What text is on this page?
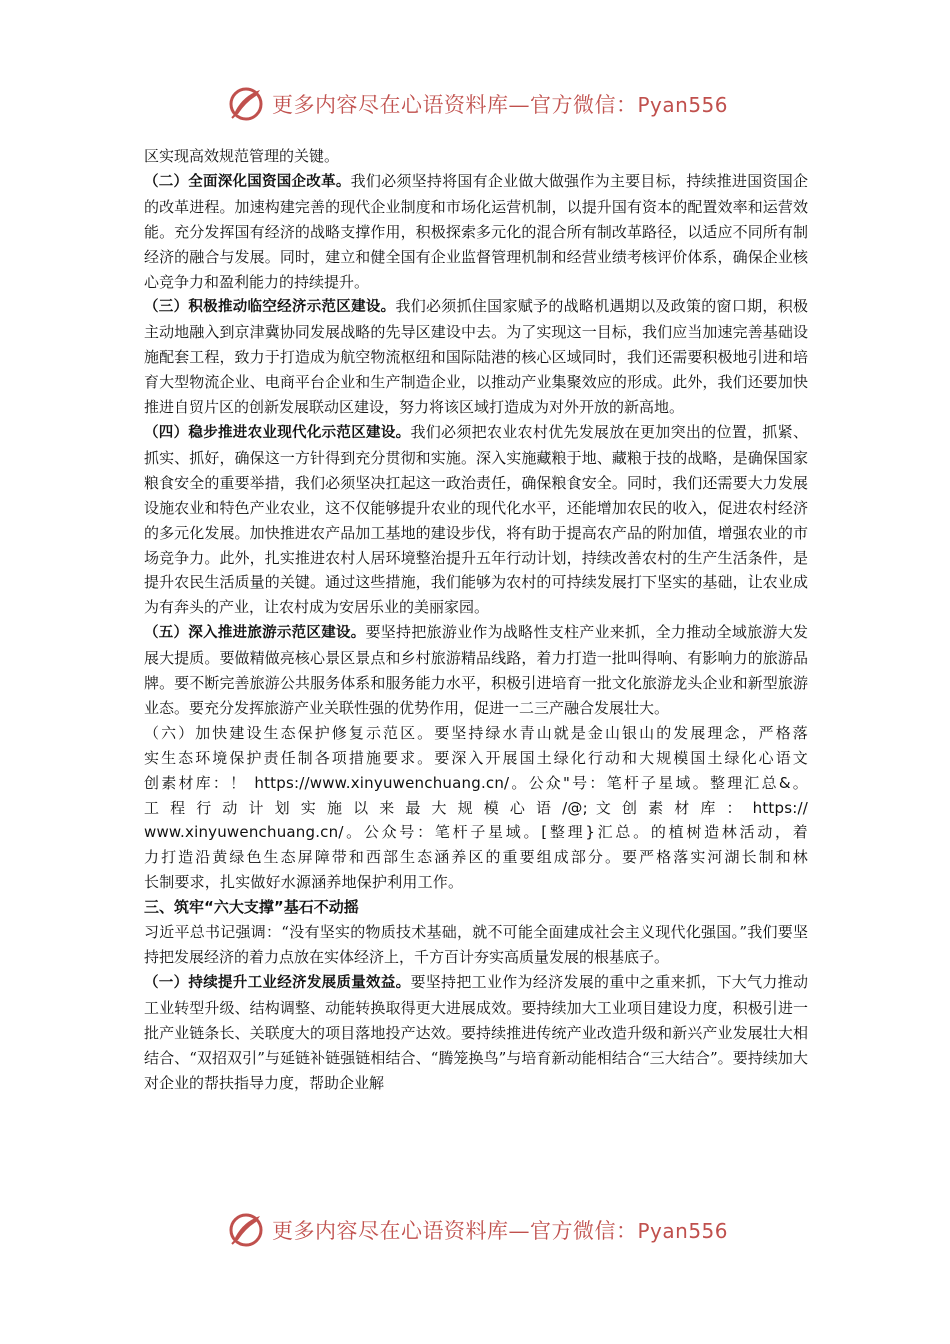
更多内容尽在心语资料库—官方微信：Pyan556

区实现高效规范管理的关键。

（二）全面深化国资国企改革。我们必须坚持将国有企业做大做强作为主要目标，持续推进国资国企的改革进程。加速构建完善的现代企业制度和市场化运营机制，以提升国有资本的配置效率和运营效能。充分发挥国有经济的战略支撑作用，积极探索多元化的混合所有制改革路径，以适应不同所有制经济的融合与发展。同时，建立和健全国有企业监督管理机制和经营业绩考核评价体系，确保企业核心竞争力和盈利能力的持续提升。

（三）积极推动临空经济示范区建设。我们必须抓住国家赋予的战略机遇期以及政策的窗口期，积极主动地融入到京津冀协同发展战略的先导区建设中去。为了实现这一目标，我们应当加速完善基础设施配套工程，致力于打造成为航空物流枢纽和国际陆港的核心区域同时，我们还需要积极地引进和培育大型物流企业、电商平台企业和生产制造企业，以推动产业集聚效应的形成。此外，我们还要加快推进自贸片区的创新发展联动区建设，努力将该区域打造成为对外开放的新高地。

（四）稳步推进农业现代化示范区建设。我们必须把农业农村优先发展放在更加突出的位置，抓紧、抓实、抓好，确保这一方针得到充分贯彻和实施。深入实施藏粮于地、藏粮于技的战略，是确保国家粮食安全的重要举措，我们必须坚决扛起这一政治责任，确保粮食安全。同时，我们还需要大力发展设施农业和特色产业农业，这不仅能够提升农业的现代化水平，还能增加农民的收入，促进农村经济的多元化发展。加快推进农产品加工基地的建设步伐，将有助于提高农产品的附加值，增强农业的市场竞争力。此外，扎实推进农村人居环境整治提升五年行动计划，持续改善农村的生产生活条件，是提升农民生活质量的关键。通过这些措施，我们能够为农村的可持续发展打下坚实的基础，让农业成为有奔头的产业，让农村成为安居乐业的美丽家园。

（五）深入推进旅游示范区建设。要坚持把旅游业作为战略性支柱产业来抓，全力推动全域旅游大发展大提质。要做精做亮核心景区景点和乡村旅游精品线路，着力打造一批叫得响、有影响力的旅游品牌。要不断完善旅游公共服务体系和服务能力水平，积极引进培育一批文化旅游龙头企业和新型旅游业态。要充分发挥旅游产业关联性强的优势作用，促进一二三产融合发展壮大。

（六）加快建设生态保护修复示范区。要坚持绿水青山就是金山银山的发展理念，严格落

实生态环境保护责任制各项措施要求。要深入开展国土绿化行动和大规模国土绿化心语文

创素材库：！ https://www.xinyuwenchuang.cn/。公众"号：笔杆子星域。整理汇总&。

工 程 行 动 计 划 实 施 以 来 最 大 规 模 心 语 /@; 文 创 素 材 库 ： https://

www.xinyuwenchuang.cn/。公众号：笔杆子星域。[整理}汇总。的植树造林活动，着

力打造沿黄绿色生态屏障带和西部生态涵养区的重要组成部分。要严格落实河湖长制和林

长制要求，扎实做好水源涵养地保护利用工作。

三、筑牢“六大支撑”基石不动摇

习近平总书记强调：“没有坚实的物质技术基础，就不可能全面建成社会主义现代化强国。”我们要坚持把发展经济的着力点放在实体经济上，千方百计夯实高质量发展的根基底子。

（一）持续提升工业经济发展质量效益。要坚持把工业作为经济发展的重中之重来抓，下大气力推动工业转型升级、结构调整、动能转换取得更大进展成效。要持续加大工业项目建设力度，积极引进一批产业链条长、关联度大的项目落地投产达效。要持续推进传统产业改造升级和新兴产业发展壮大相结合、“双招双引”与延链补链强链相结合、“腾笼换鸟”与培育新动能相结合“三大结合”。要持续加大对企业的帮扶指导力度，帮助企业解

更多内容尽在心语资料库—官方微信：Pyan556
